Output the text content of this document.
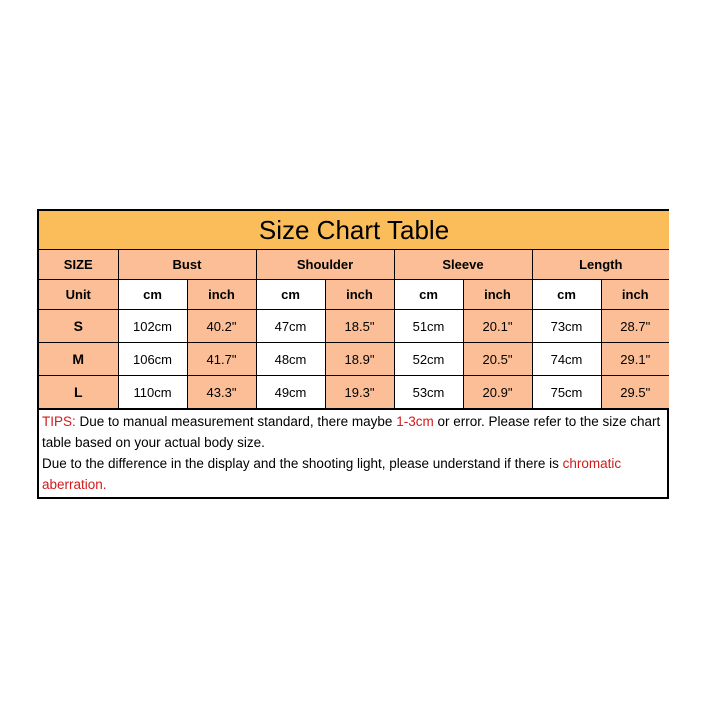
Size Chart Table								
SIZE	Bust		Shoulder		Sleeve		Length	
Unit	cm	inch	cm	inch	cm	inch	cm	inch
S	102cm	40.2"	47cm	18.5"	51cm	20.1"	73cm	28.7"
M	106cm	41.7"	48cm	18.9"	52cm	20.5"	74cm	29.1"
L	110cm	43.3"	49cm	19.3"	53cm	20.9"	75cm	29.5"
TIPS: Due to manual measurement standard, there maybe 1-3cm or error. Please refer to the size chart table based on your actual body size.
Due to the difference in the display and the shooting light, please understand if there is chromatic aberration.
